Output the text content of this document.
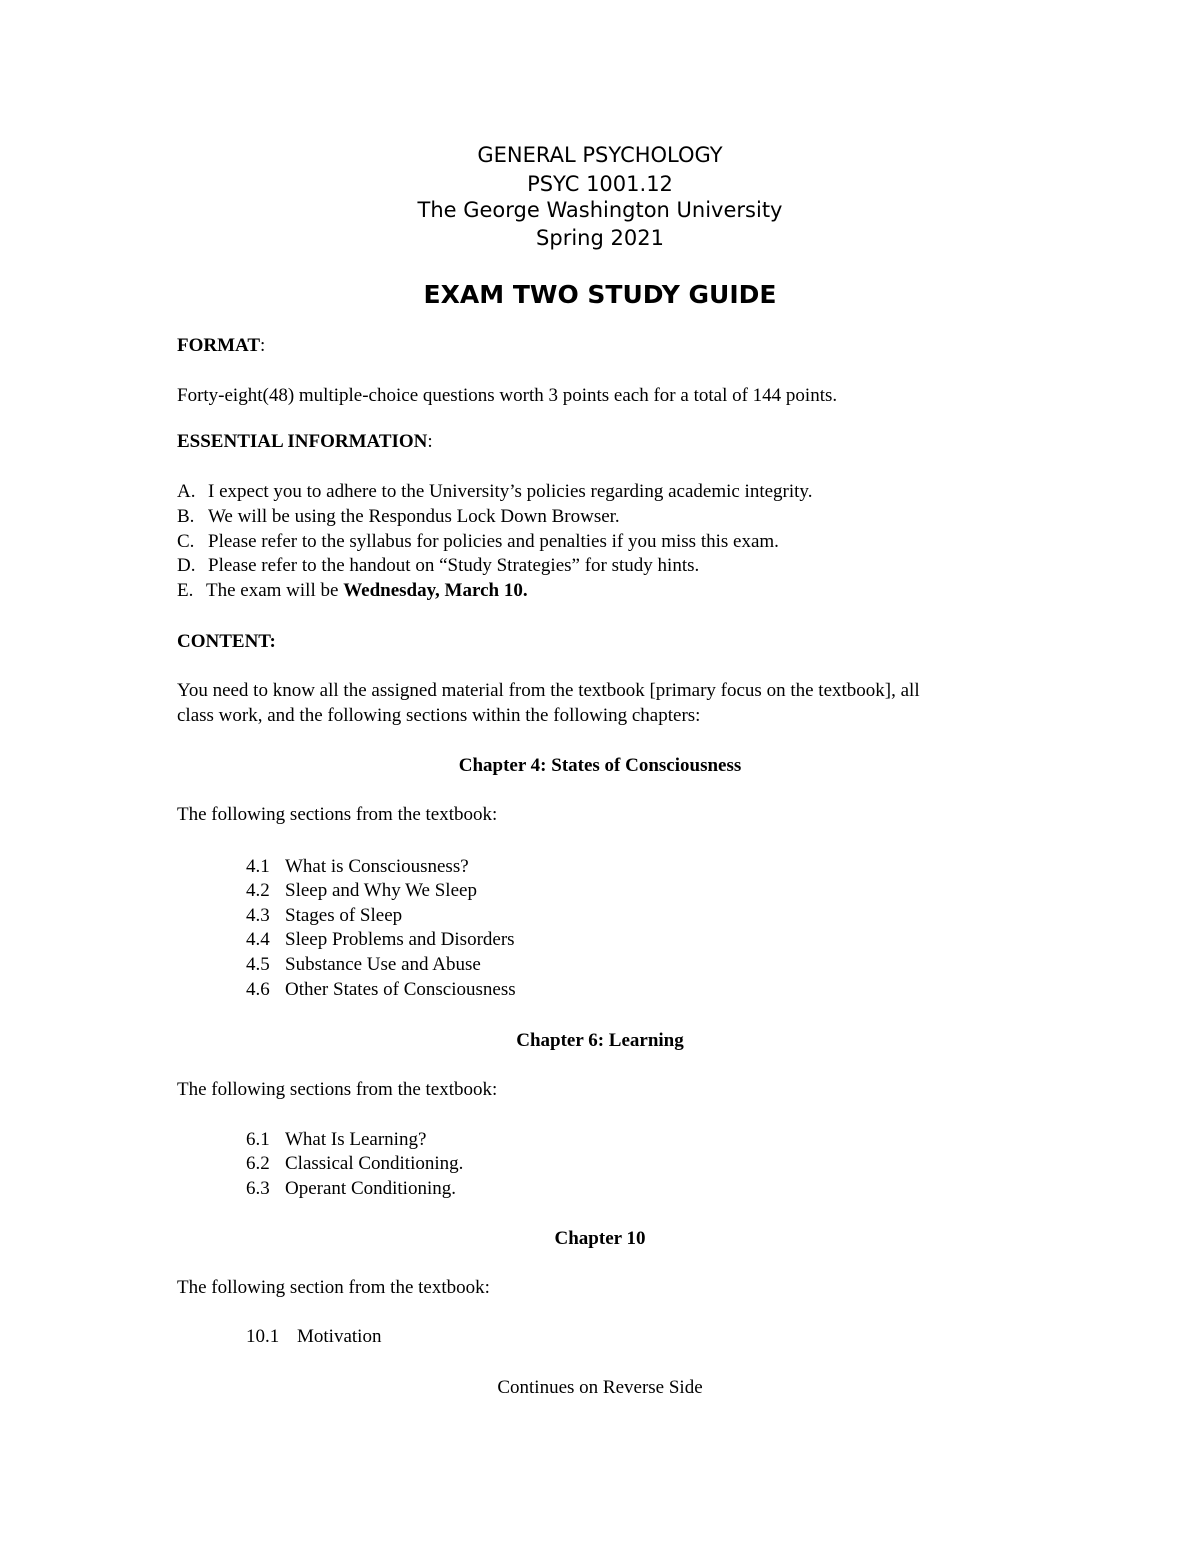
GENERAL PSYCHOLOGY
PSYC 1001.12
The George Washington University
Spring 2021
EXAM TWO STUDY GUIDE
FORMAT:
Forty-eight(48) multiple-choice questions worth 3 points each for a total of 144 points.
ESSENTIAL INFORMATION:
A. I expect you to adhere to the University’s policies regarding academic integrity.
B. We will be using the Respondus Lock Down Browser.
C. Please refer to the syllabus for policies and penalties if you miss this exam.
D. Please refer to the handout on “Study Strategies” for study hints.
E. The exam will be Wednesday, March 10.
CONTENT:
You need to know all the assigned material from the textbook [primary focus on the textbook], all
class work, and the following sections within the following chapters:
Chapter 4: States of Consciousness
The following sections from the textbook:
4.1 What is Consciousness?
4.2 Sleep and Why We Sleep
4.3 Stages of Sleep
4.4 Sleep Problems and Disorders
4.5 Substance Use and Abuse
4.6 Other States of Consciousness
Chapter 6: Learning
The following sections from the textbook:
6.1 What Is Learning?
6.2 Classical Conditioning.
6.3 Operant Conditioning.
Chapter 10
The following section from the textbook:
10.1 Motivation
Continues on Reverse Side
